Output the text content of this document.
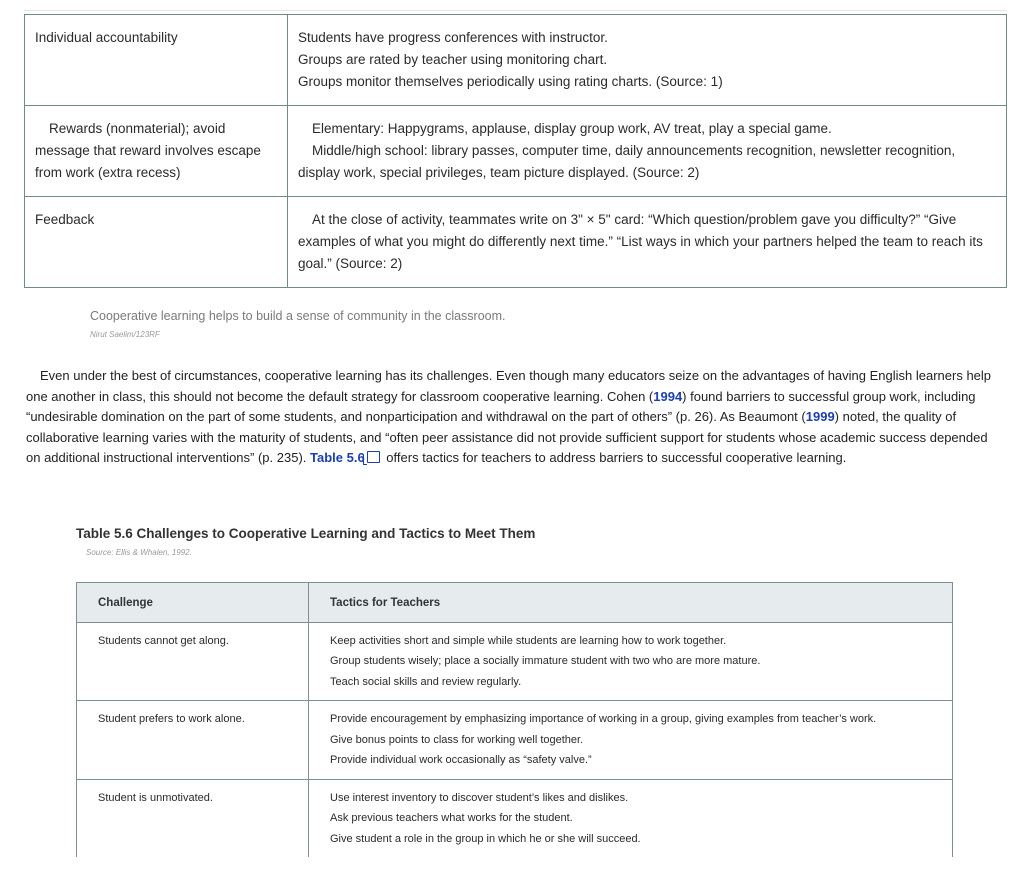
Individual accountability	Students have progress conferences with instructor.
Groups are rated by teacher using monitoring chart.
Groups monitor themselves periodically using rating charts. (Source: 1)

Rewards (nonmaterial); avoid message that reward involves escape from work (extra recess)	Elementary: Happygrams, applause, display group work, AV treat, play a special game.
Middle/high school: library passes, computer time, daily announcements recognition, newsletter recognition, display work, special privileges, team picture displayed. (Source: 2)

Feedback	At the close of activity, teammates write on 3" × 5" card: “Which question/problem gave you difficulty?” “Give examples of what you might do differently next time.” “List ways in which your partners helped the team to reach its goal.” (Source: 2)
Cooperative learning helps to build a sense of community in the classroom.
Nirut Saelim/123RF

Even under the best of circumstances, cooperative learning has its challenges. Even though many educators seize on the advantages of having English learners help one another in class, this should not become the default strategy for classroom cooperative learning. Cohen (1994) found barriers to successful group work, including “undesirable domination on the part of some students, and nonparticipation and withdrawal on the part of others” (p. 26). As Beaumont (1999) noted, the quality of collaborative learning varies with the maturity of students, and “often peer assistance did not provide sufficient support for students whose academic success depended on additional instructional interventions” (p. 235). Table 5.6 offers tactics for teachers to address barriers to successful cooperative learning.

Table 5.6 Challenges to Cooperative Learning and Tactics to Meet Them
Source: Ellis & Whalen, 1992.
Challenge	Tactics for Teachers
Students cannot get along.	Keep activities short and simple while students are learning how to work together.
Group students wisely; place a socially immature student with two who are more mature.
Teach social skills and review regularly.

Student prefers to work alone.	Provide encouragement by emphasizing importance of working in a group, giving examples from teacher’s work.
Give bonus points to class for working well together.
Provide individual work occasionally as “safety valve.”

Student is unmotivated.	Use interest inventory to discover student’s likes and dislikes.
Ask previous teachers what works for the student.
Give student a role in the group in which he or she will succeed.
